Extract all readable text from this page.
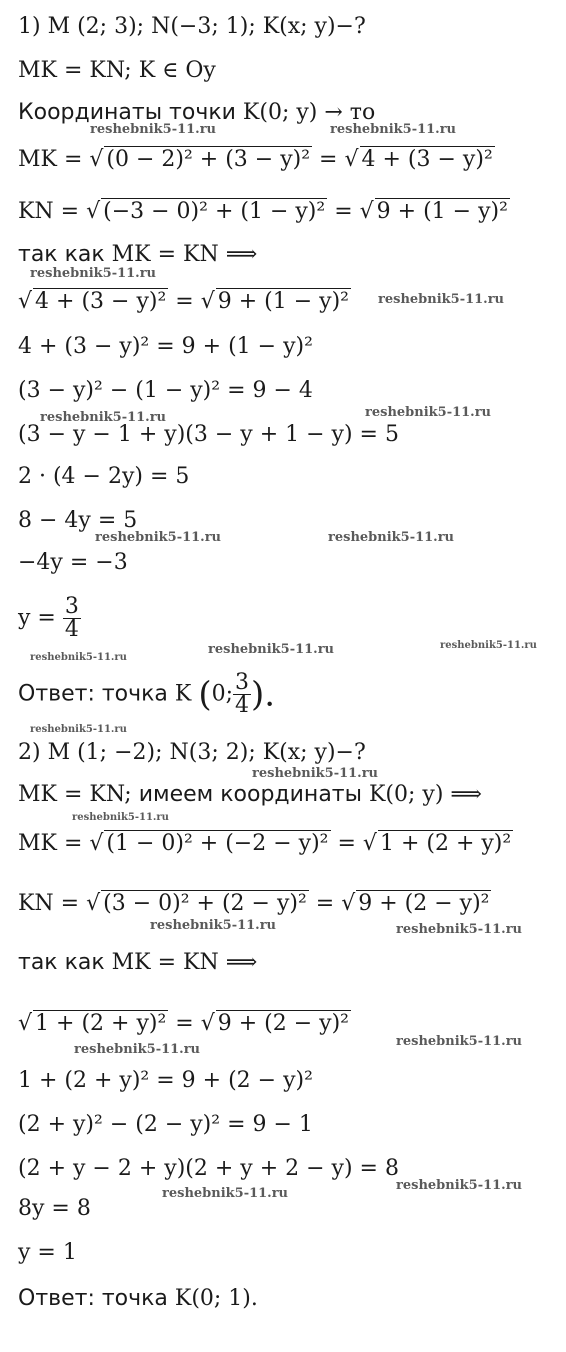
1) M (2; 3); N(−3; 1); K(x; y)−?
MK = KN; K ∈ Oy
Координаты точки K(0; y) → то
MK = √ (0 − 2)² + (3 − y)² = √ 4 + (3 − y)²
KN = √ (−3 − 0)² + (1 − y)² = √ 9 + (1 − y)²
так как MK = KN ⟹
√ 4 + (3 − y)² = √ 9 + (1 − y)²
4 + (3 − y)² = 9 + (1 − y)²
(3 − y)² − (1 − y)² = 9 − 4
(3 − y − 1 + y)(3 − y + 1 − y) = 5
2 · (4 − 2y) = 5
8 − 4y = 5
−4y = −3
$y = \frac{3}{4}$
Ответ: точка K (0; $\frac{3}{4}$ ).
2) M (1; −2); N(3; 2); K(x; y)−?
MK = KN; имеем координаты K(0; y) ⟹
MK = √ (1 − 0)² + (−2 − y)² = √ 1 + (2 + y)²
KN = √ (3 − 0)² + (2 − y)² = √ 9 + (2 − y)²
так как MK = KN ⟹
√ 1 + (2 + y)² = √ 9 + (2 − y)²
1 + (2 + y)² = 9 + (2 − y)²
(2 + y)² − (2 − y)² = 9 − 1
(2 + y − 2 + y)(2 + y + 2 − y) = 8
8y = 8
y = 1
Ответ: точка K(0; 1).
reshebnik5-11.ru	reshebnik5-11.ru
reshebnik5-11.ru
reshebnik5-11.ru
reshebnik5-11.ru	reshebnik5-11.ru
reshebnik5-11.ru	reshebnik5-11.ru
reshebnik5-11.ru	reshebnik5-11.ru
reshebnik5-11.ru
reshebnik5-11.ru
reshebnik5-11.ru
reshebnik5-11.ru
reshebnik5-11.ru	reshebnik5-11.ru
reshebnik5-11.ru
reshebnik5-11.ru
reshebnik5-11.ru
reshebnik5-11.ru
